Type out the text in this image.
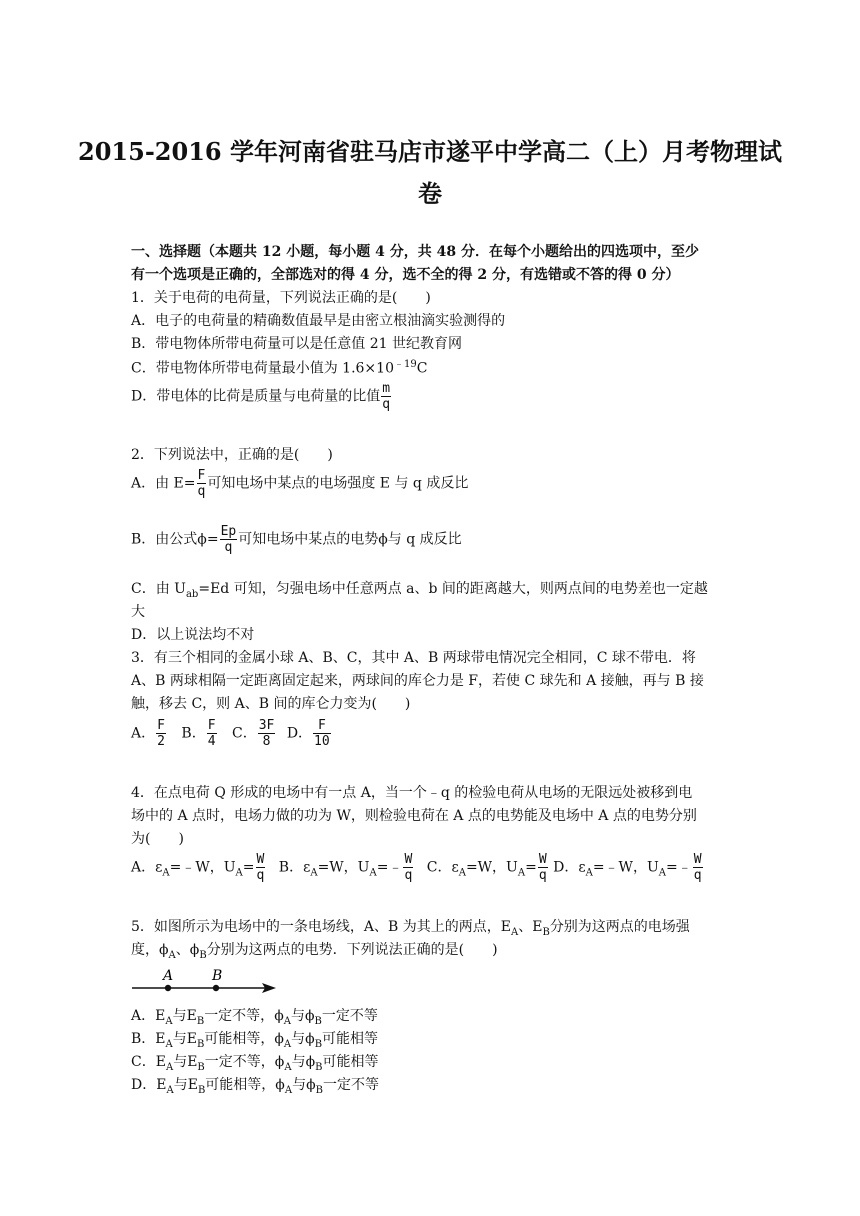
2015-2016 学年河南省驻马店市遂平中学高二（上）月考物理试
卷
一、选择题（本题共 12 小题，每小题 4 分，共 48 分．在每个小题给出的四选项中，至少
有一个选项是正确的，全部选对的得 4 分，选不全的得 2 分，有选错或不答的得 0 分）
1．关于电荷的电荷量，下列说法正确的是(　　)
A．电子的电荷量的精确数值最早是由密立根油滴实验测得的
B．带电物体所带电荷量可以是任意值 21 世纪教育网
C．带电物体所带电荷量最小值为 $1.6\times 10^{﹣19}C$
D．带电体的比荷是质量与电荷量的比值 $\frac{m}{q}$
2．下列说法中，正确的是(　　)
A．由 $E= \frac{F}{q}$ 可知电场中某点的电场强度 E 与 q 成反比
B．由公式$\phi= \frac{Ep}{q}$ 可知电场中某点的电势ϕ与 q 成反比
C．由 $U_{ab}=Ed$ 可知，匀强电场中任意两点 a、b 间的距离越大，则两点间的电势差也一定越
大
D．以上说法均不对
3．有三个相同的金属小球 A、B、C，其中 A、B 两球带电情况完全相同，C 球不带电．将
A、B 两球相隔一定距离固定起来，两球间的库仑力是 F，若使 C 球先和 A 接触，再与 B 接
触，移去 C，则 A、B 间的库仑力变为(　　)
A． $\frac{F}{2}$ B． $\frac{F}{4}$ C． $\frac{3F}{8}$ D． $\frac{F}{10}$
4．在点电荷 Q 形成的电场中有一点 A，当一个﹣q 的检验电荷从电场的无限远处被移到电
场中的 A 点时，电场力做的功为 W，则检验电荷在 A 点的电势能及电场中 A 点的电势分别
为(　　)
A．$\varepsilon_A=﹣W$，$U_A= \frac{W}{q}$ B．$\varepsilon_A=W$，$U_A=﹣ \frac{W}{q}$ C．$\varepsilon_A=W$，$U_A= \frac{W}{q}$ D．$\varepsilon_A=﹣W$，$U_A=﹣ \frac{W}{q}$
5．如图所示为电场中的一条电场线，A、B 为其上的两点，$E_A$、$E_B$分别为这两点的电场强
度，$\phi_A$、$\phi_B$分别为这两点的电势．下列说法正确的是(　　)
A	B
A．$E_A$与$E_B$一定不等，$\phi_A$与$\phi_B$一定不等
B．$E_A$与$E_B$可能相等，$\phi_A$与$\phi_B$可能相等
C．$E_A$与$E_B$一定不等，$\phi_A$与$\phi_B$可能相等
D．$E_A$与$E_B$可能相等，$\phi_A$与$\phi_B$一定不等
